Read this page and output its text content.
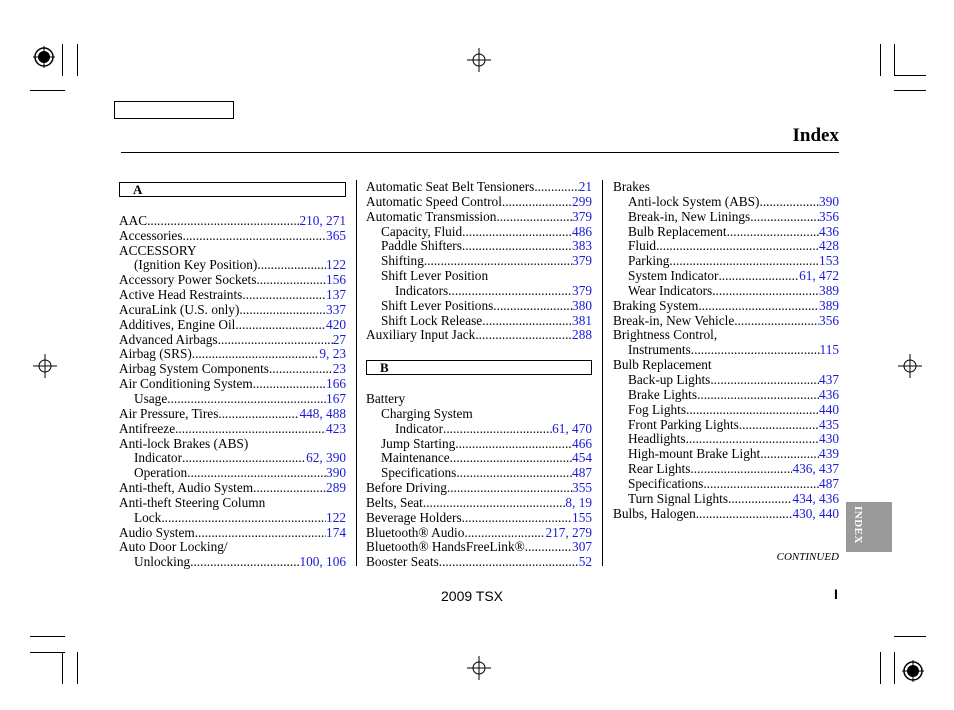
Index
A
AAC .....	210, 271
Accessories .....	365
ACCESSORY
(Ignition Key Position) .....	122
Accessory Power Sockets .....	156
Active Head Restraints .....	137
AcuraLink (U.S. only) .....	337
Additives, Engine Oil .....	420
Advanced Airbags .....	27
Airbag (SRS) .....	9, 23
Airbag System Components .....	23
Air Conditioning System .....	166
Usage .....	167
Air Pressure, Tires .....	448, 488
Antifreeze .....	423
Anti-lock Brakes (ABS)
Indicator .....	62, 390
Operation .....	390
Anti-theft, Audio System .....	289
Anti-theft Steering Column
Lock .....	122
Audio System .....	174
Auto Door Locking/
Unlocking .....	100, 106
Automatic Seat Belt Tensioners .....	21
Automatic Speed Control .....	299
Automatic Transmission .....	379
Capacity, Fluid .....	486
Paddle Shifters .....	383
Shifting .....	379
Shift Lever Position
Indicators .....	379
Shift Lever Positions .....	380
Shift Lock Release .....	381
Auxiliary Input Jack .....	288
B
Battery
Charging System
Indicator .....	61, 470
Jump Starting .....	466
Maintenance .....	454
Specifications .....	487
Before Driving .....	355
Belts, Seat .....	8, 19
Beverage Holders .....	155
Bluetooth® Audio .....	217, 279
Bluetooth® HandsFreeLink® .....	307
Booster Seats .....	52
Brakes
Anti-lock System (ABS) .....	390
Break-in, New Linings .....	356
Bulb Replacement .....	436
Fluid .....	428
Parking .....	153
System Indicator .....	61, 472
Wear Indicators .....	389
Braking System .....	389
Break-in, New Vehicle .....	356
Brightness Control,
Instruments .....	115
Bulb Replacement
Back-up Lights .....	437
Brake Lights .....	436
Fog Lights .....	440
Front Parking Lights .....	435
Headlights .....	430
High-mount Brake Light .....	439
Rear Lights .....	436, 437
Specifications .....	487
Turn Signal Lights .....	434, 436
Bulbs, Halogen .....	430, 440 INDEX
CONTINUED
2009 TSX	I
